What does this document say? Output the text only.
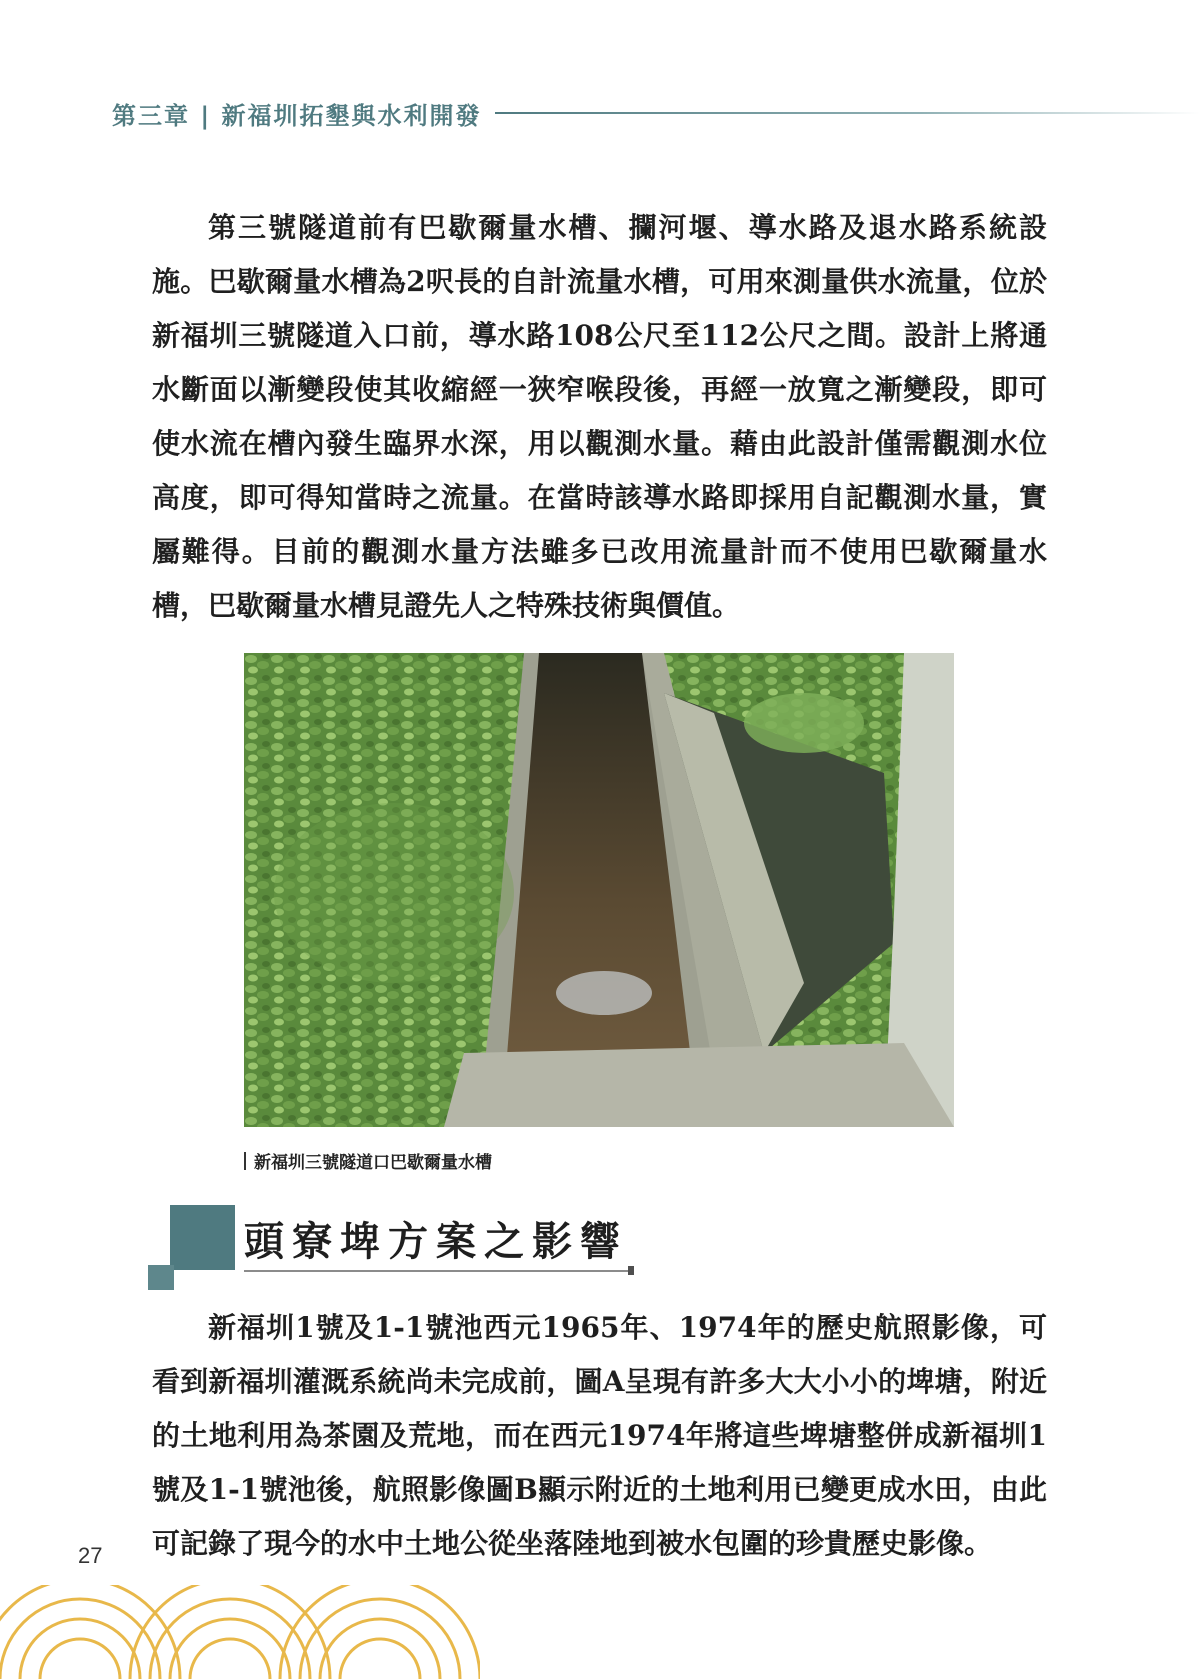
第三章 | 新福圳拓墾與水利開發

第三號隧道前有巴歇爾量水槽、攔河堰、導水路及退水路系統設施。巴歇爾量水槽為2呎長的自計流量水槽，可用來測量供水流量，位於新福圳三號隧道入口前，導水路108公尺至112公尺之間。設計上將通水斷面以漸變段使其收縮經一狹窄喉段後，再經一放寬之漸變段，即可使水流在槽內發生臨界水深，用以觀測水量。藉由此設計僅需觀測水位高度，即可得知當時之流量。在當時該導水路即採用自記觀測水量，實屬難得。目前的觀測水量方法雖多已改用流量計而不使用巴歇爾量水槽，巴歇爾量水槽見證先人之特殊技術與價值。

新福圳三號隧道口巴歇爾量水槽
頭寮埤方案之影響

新福圳1號及1-1號池西元1965年、1974年的歷史航照影像，可看到新福圳灌溉系統尚未完成前，圖A呈現有許多大大小小的埤塘，附近的土地利用為茶園及荒地，而在西元1974年將這些埤塘整併成新福圳1號及1-1號池後，航照影像圖B顯示附近的土地利用已變更成水田，由此可記錄了現今的水中土地公從坐落陸地到被水包圍的珍貴歷史影像。

27
